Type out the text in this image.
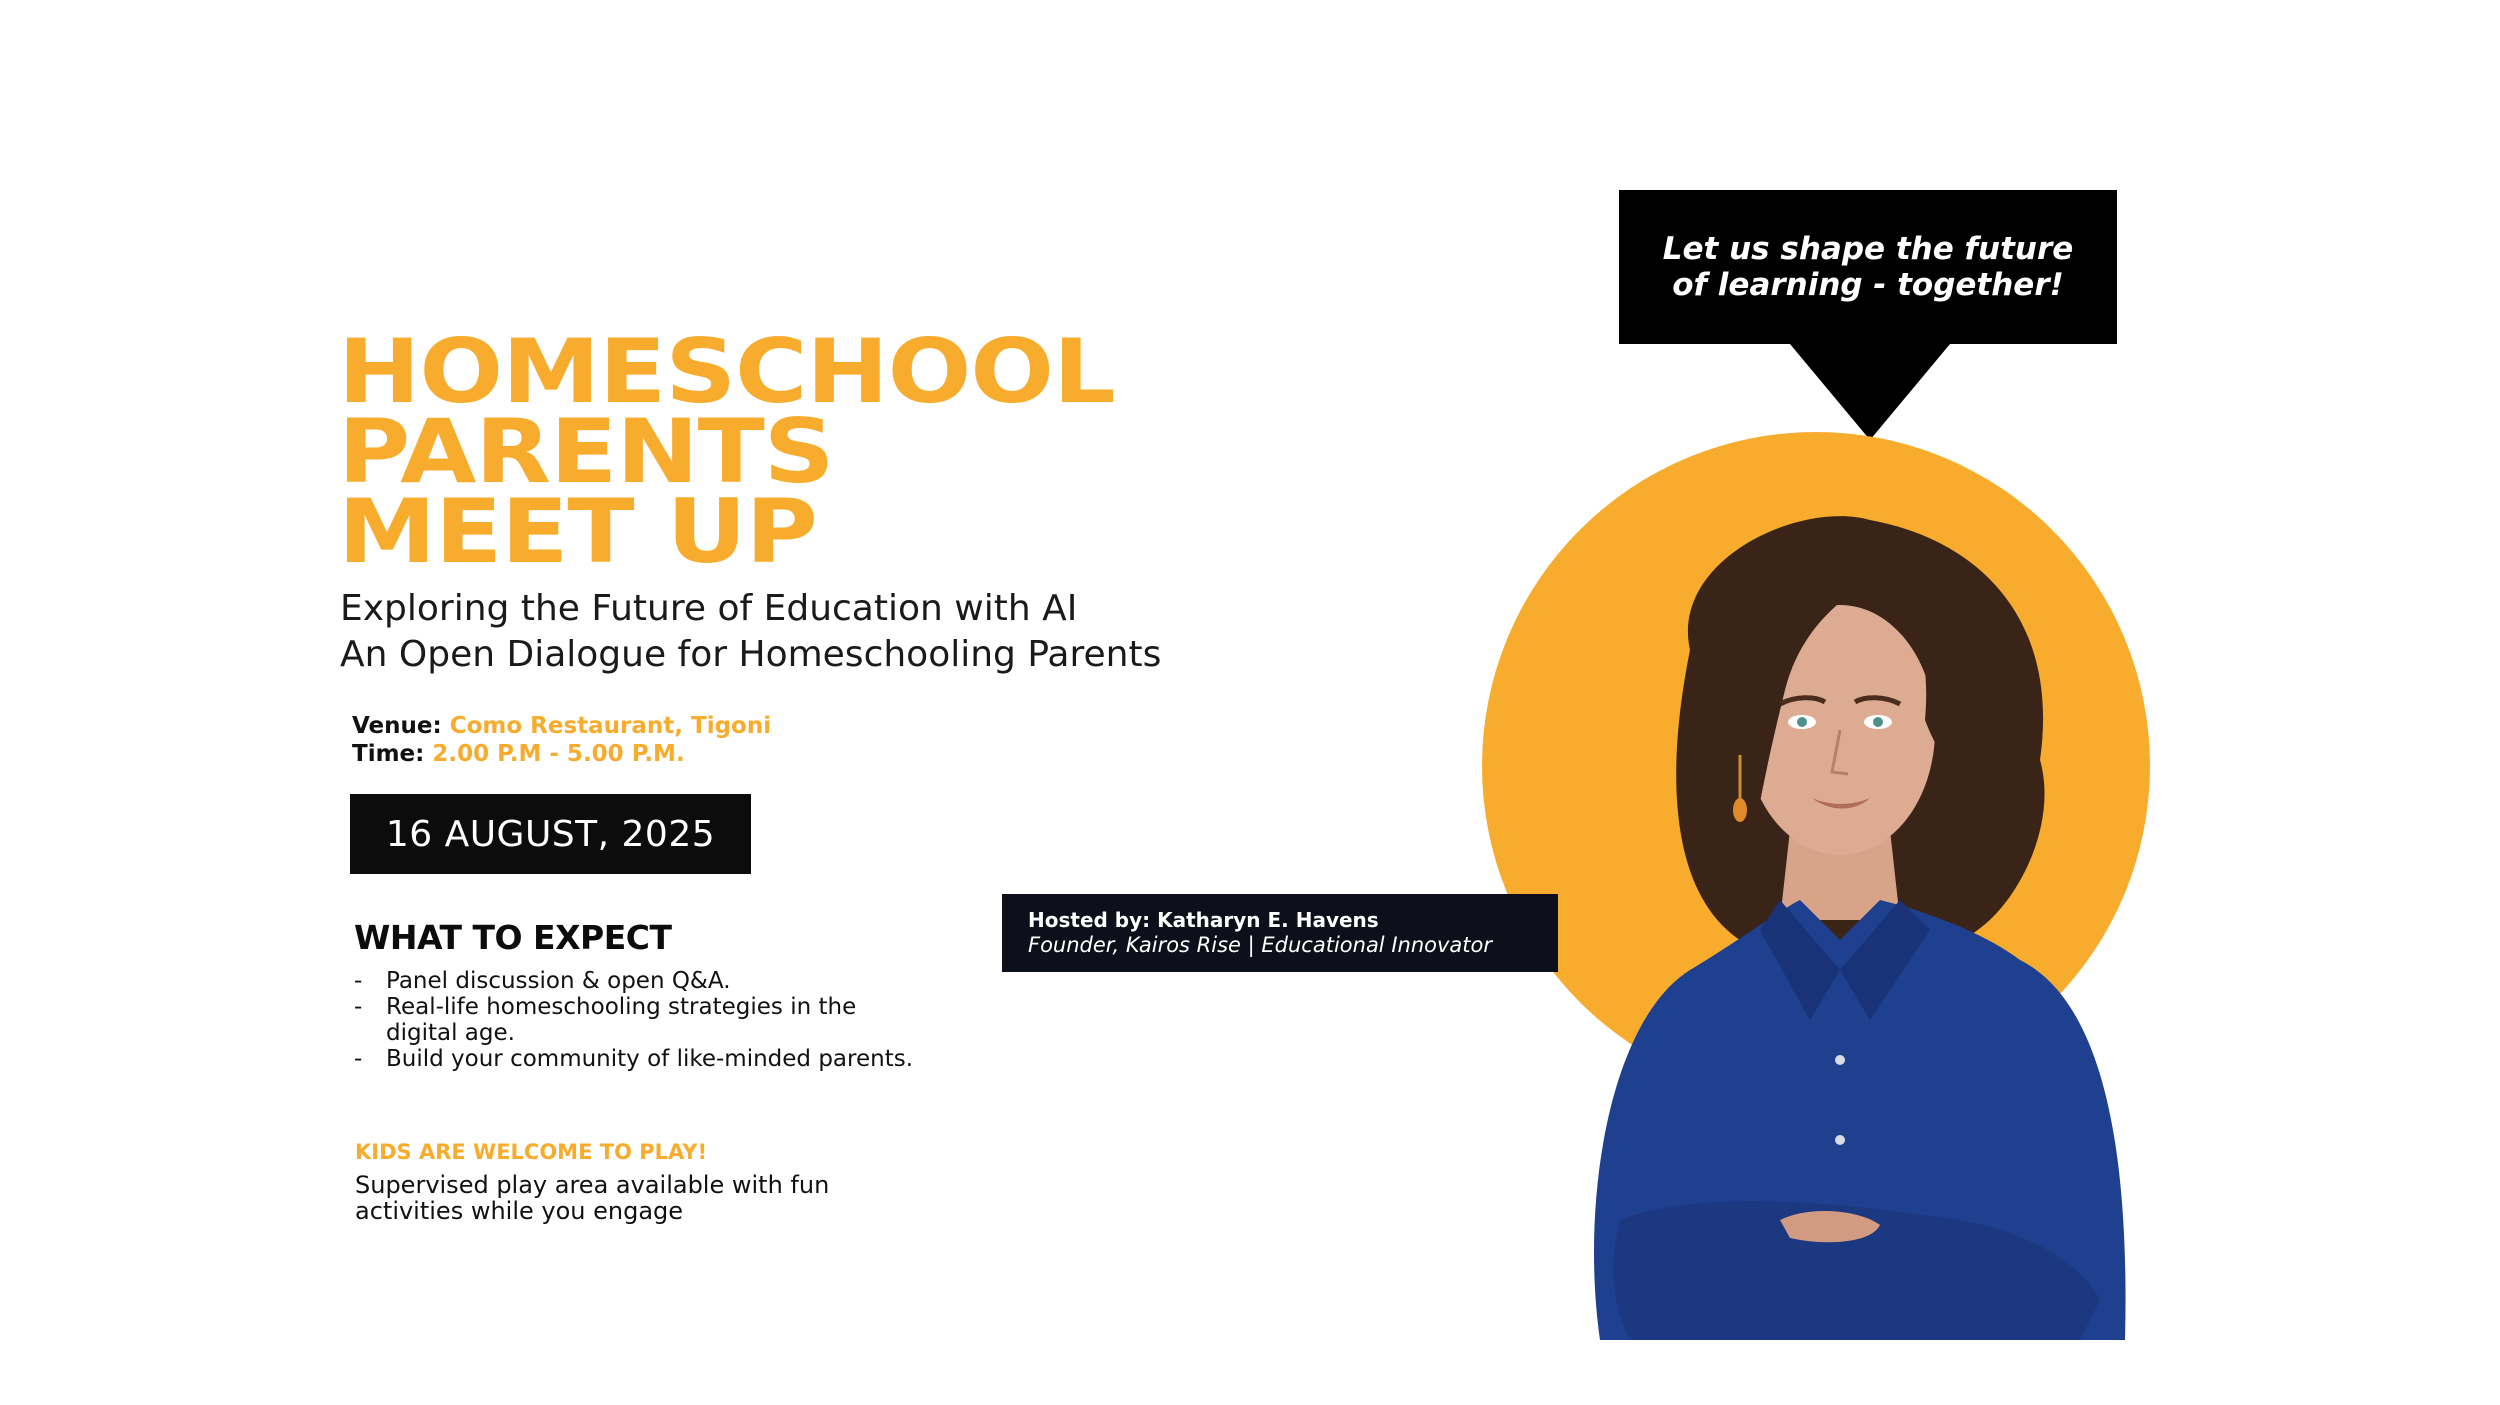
HOMESCHOOL
PARENTS
MEET UP
Exploring the Future of Education with AI
An Open Dialogue for Homeschooling Parents
Venue: Como Restaurant, Tigoni
Time: 2.00 P.M - 5.00 P.M.
16 AUGUST, 2025
WHAT TO EXPECT
- Panel discussion & open Q&A.
- Real-life homeschooling strategies in the digital age.
- Build your community of like-minded parents.
KIDS ARE WELCOME TO PLAY!
Supervised play area available with fun activities while you engage
Let us shape the future
of learning - together!
Hosted by: Katharyn E. Havens
Founder, Kairos Rise | Educational Innovator
